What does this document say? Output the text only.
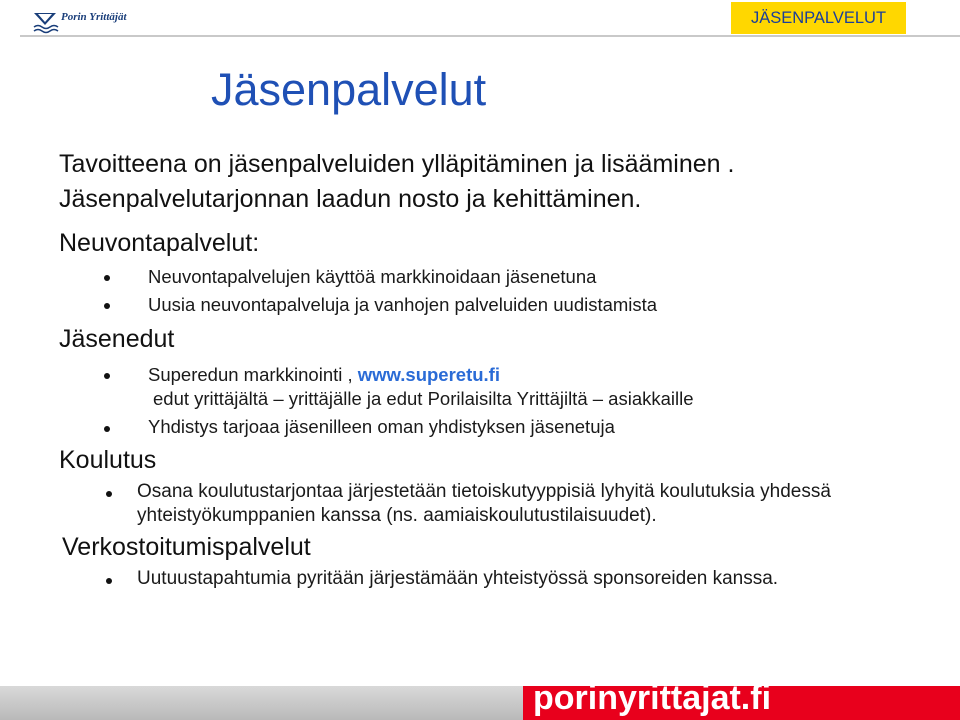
Porin Yrittäjät	JÄSENPALVELUT
Jäsenpalvelut
Tavoitteena on jäsenpalveluiden ylläpitäminen ja lisääminen .
Jäsenpalvelutarjonnan laadun nosto ja kehittäminen.
Neuvontapalvelut:
Neuvontapalvelujen käyttöä markkinoidaan jäsenetuna
Uusia neuvontapalveluja ja vanhojen palveluiden uudistamista
Jäsenedut
Superedun markkinointi , www.superetu.fi
edut yrittäjältä – yrittäjälle ja edut Porilaisilta Yrittäjiltä – asiakkaille
Yhdistys tarjoaa jäsenilleen oman yhdistyksen jäsenetuja
Koulutus
Osana koulutustarjontaa järjestetään tietoiskutyyppisiä lyhyitä koulutuksia yhdessä
yhteistyökumppanien kanssa (ns. aamiaiskoulutustilaisuudet).
Verkostoitumispalvelut
Uutuustapahtumia pyritään järjestämään yhteistyössä sponsoreiden kanssa.
porinyrittajat.fi
